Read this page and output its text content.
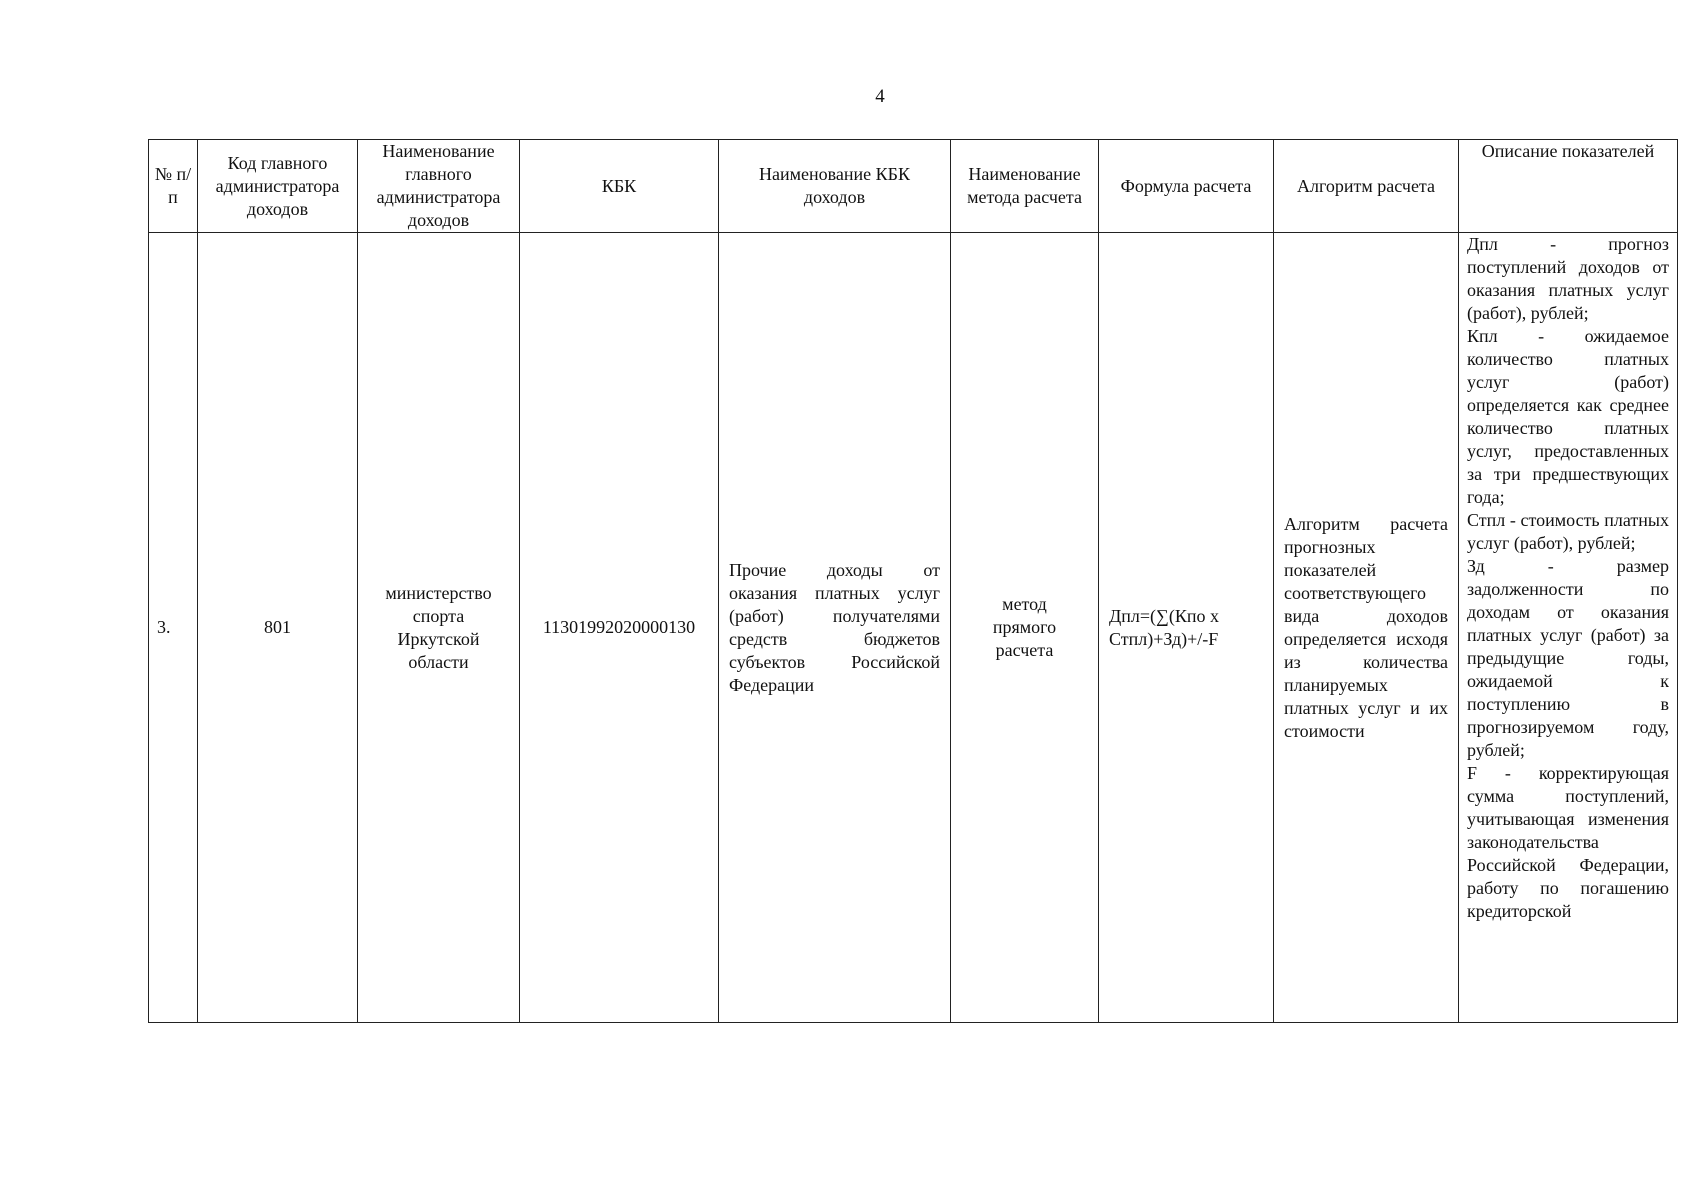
4
№ п/п	Код главного администратора доходов	Наименование главного администратора доходов	КБК	Наименование КБК доходов	Наименование метода расчета	Формула расчета	Алгоритм расчета	Описание показателей
3.	801	министерство спорта Иркутской области	11301992020000130	Прочие доходы от оказания платных услуг (работ) получателями средств бюджетов субъектов Российской Федерации	метод прямого расчета	Дпл=(∑(Кпо x Стпл)+Зд)+/-F	Алгоритм расчета прогнозных показателей соответствующего вида доходов определяется исходя из количества планируемых платных услуг и их стоимости	Дпл - прогноз поступлений доходов от оказания платных услуг (работ), рублей;

Кпл - ожидаемое количество платных услуг (работ) определяется как среднее количество платных услуг, предоставленных за три предшествующих года;

Стпл - стоимость платных услуг (работ), рублей;

Зд - размер задолженности по доходам от оказания платных услуг (работ) за предыдущие годы, ожидаемой к поступлению в прогнозируемом году, рублей;

F - корректирующая сумма поступлений, учитывающая изменения законодательства Российской Федерации, работу по погашению кредиторской
